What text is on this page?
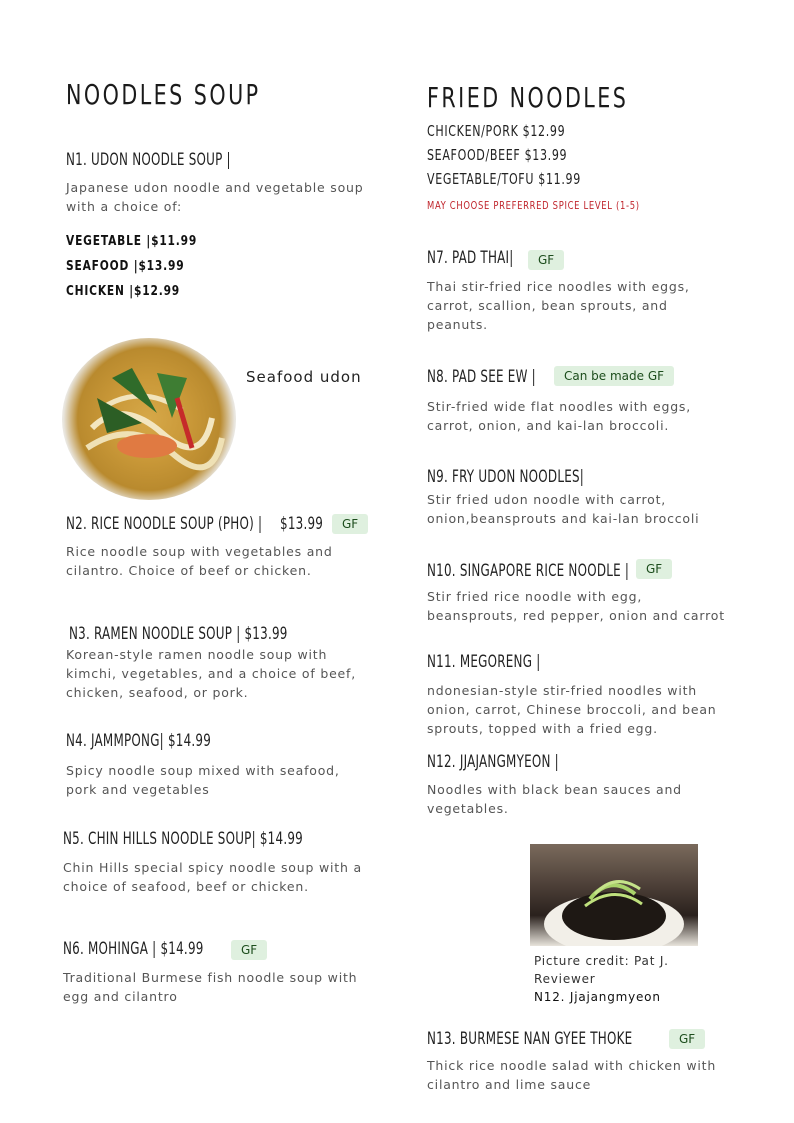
NOODLES SOUP
N1. UDON NOODLE SOUP |
Japanese udon noodle and vegetable soup with a choice of:
VEGETABLE |$11.99
SEAFOOD |$13.99
CHICKEN |$12.99
Seafood udon
N2. RICE NOODLE SOUP (PHO) | $13.99	GF
Rice noodle soup with vegetables and cilantro. Choice of beef or chicken.
N3. RAMEN NOODLE SOUP | $13.99
Korean-style ramen noodle soup with kimchi, vegetables, and a choice of beef, chicken, seafood, or pork.
N4. JAMMPONG| $14.99
Spicy noodle soup mixed with seafood, pork and vegetables
N5. CHIN HILLS NOODLE SOUP| $14.99
Chin Hills special spicy noodle soup with a choice of seafood, beef or chicken.
N6. MOHINGA | $14.99	GF
Traditional Burmese fish noodle soup with egg and cilantro
FRIED NOODLES
CHICKEN/PORK $12.99
SEAFOOD/BEEF $13.99
VEGETABLE/TOFU $11.99
MAY CHOOSE PREFERRED SPICE LEVEL (1-5)
N7. PAD THAI|	GF
Thai stir-fried rice noodles with eggs, carrot, scallion, bean sprouts, and peanuts.
N8. PAD SEE EW |	Can be made GF
Stir-fried wide flat noodles with eggs, carrot, onion, and kai-lan broccoli.
N9. FRY UDON NOODLES|
Stir fried udon noodle with carrot, onion,beansprouts and kai-lan broccoli
N10. SINGAPORE RICE NOODLE |	GF
Stir fried rice noodle with egg, beansprouts, red pepper, onion and carrot
N11. MEGORENG |
ndonesian-style stir-fried noodles with onion, carrot, Chinese broccoli, and bean sprouts, topped with a fried egg.
N12. JJAJANGMYEON |
Noodles with black bean sauces and vegetables.
Picture credit: Pat J. Reviewer
N12. Jjajangmyeon
N13. BURMESE NAN GYEE THOKE	GF
Thick rice noodle salad with chicken with cilantro and lime sauce
